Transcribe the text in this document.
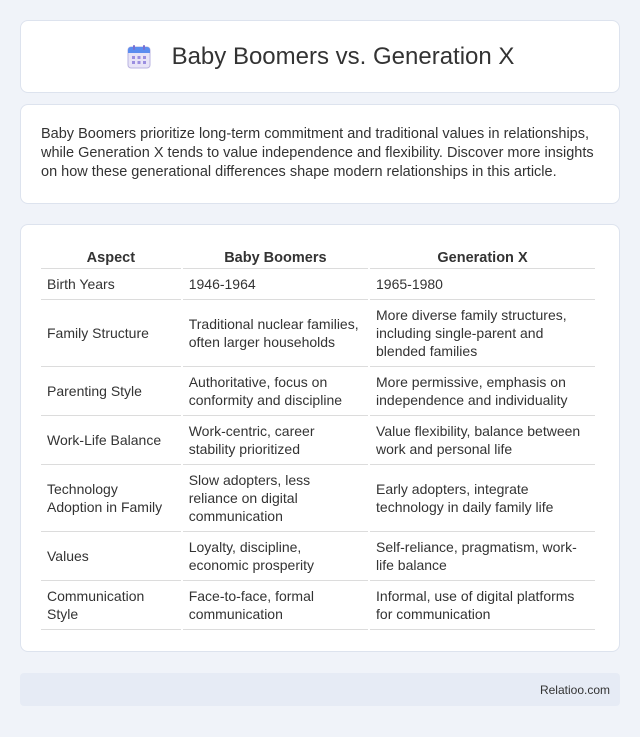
Baby Boomers vs. Generation X

Baby Boomers prioritize long-term commitment and traditional values in relationships, while Generation X tends to value independence and flexibility. Discover more insights on how these generational differences shape modern relationships in this article.

Aspect	Baby Boomers	Generation X
Birth Years	1946-1964	1965-1980
Family Structure	Traditional nuclear families, often larger households	More diverse family structures, including single-parent and blended families
Parenting Style	Authoritative, focus on conformity and discipline	More permissive, emphasis on independence and individuality
Work-Life Balance	Work-centric, career stability prioritized	Value flexibility, balance between work and personal life
Technology Adoption in Family	Slow adopters, less reliance on digital communication	Early adopters, integrate technology in daily family life
Values	Loyalty, discipline, economic prosperity	Self-reliance, pragmatism, work-life balance
Communication Style	Face-to-face, formal communication	Informal, use of digital platforms for communication
Relatioo.com
